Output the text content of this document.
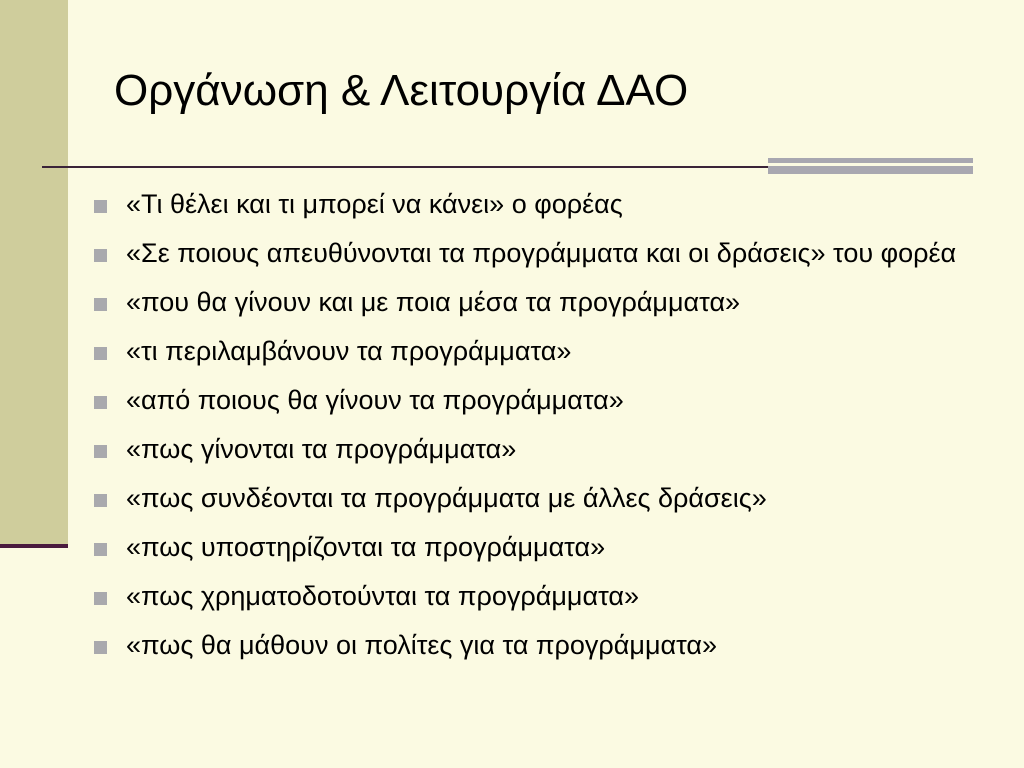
Οργάνωση & Λειτουργία ΔΑΟ
«Τι θέλει και τι μπορεί να κάνει» ο φορέας
«Σε ποιους απευθύνονται τα προγράμματα και οι δράσεις» του φορέα
«που θα γίνουν και με ποια μέσα τα προγράμματα»
«τι περιλαμβάνουν τα προγράμματα»
«από ποιους θα γίνουν τα προγράμματα»
«πως γίνονται τα προγράμματα»
«πως συνδέονται τα προγράμματα με άλλες δράσεις»
«πως υποστηρίζονται τα προγράμματα»
«πως χρηματοδοτούνται τα προγράμματα»
«πως θα μάθουν οι πολίτες για τα προγράμματα»
